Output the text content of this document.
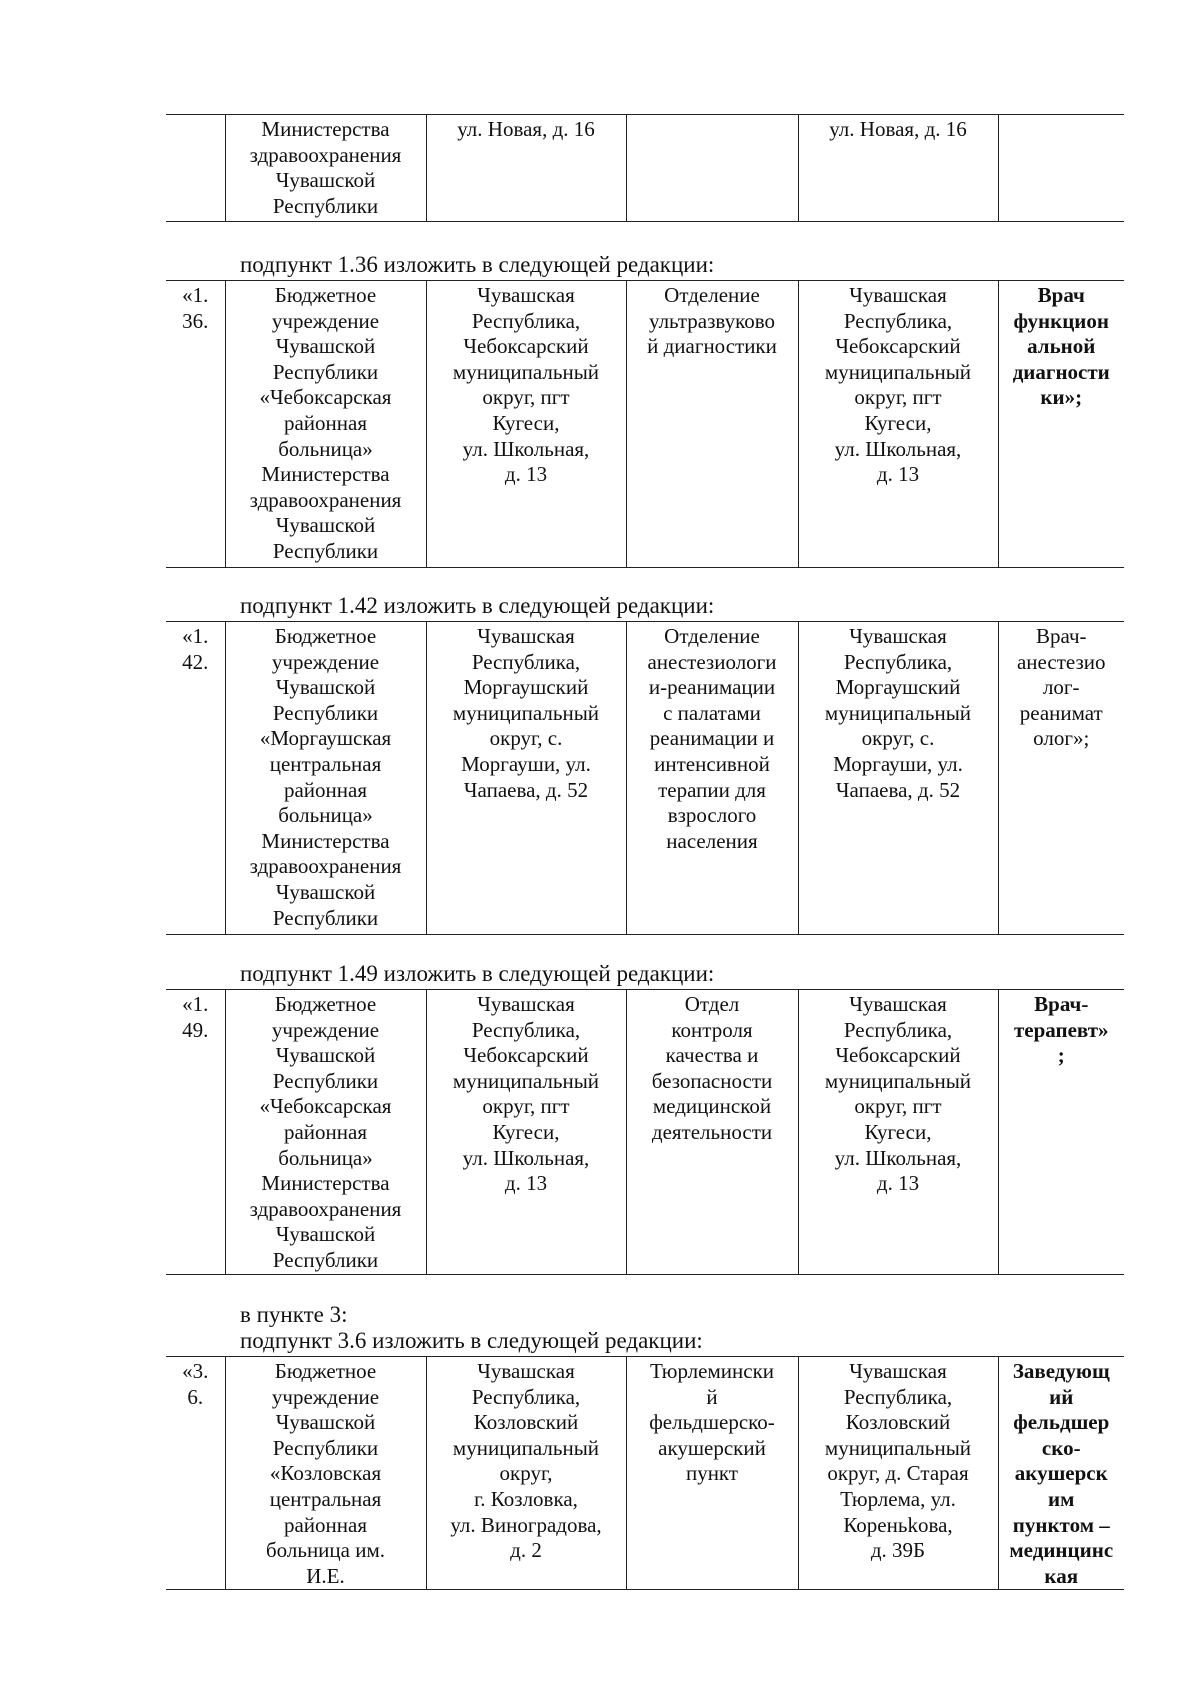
	Министерства
здравоохранения
Чувашской
Республики	ул. Новая, д. 16		ул. Новая, д. 16	
подпункт 1.36 изложить в следующей редакции:
«1.
36.	Бюджетное
учреждение
Чувашской
Республики
«Чебоксарская
районная
больница»
Министерства
здравоохранения
Чувашской
Республики	Чувашская
Республика,
Чебоксарский
муниципальный
округ, пгт
Кугеси,
ул. Школьная,
д. 13	Отделение
ультразвуково
й диагностики	Чувашская
Республика,
Чебоксарский
муниципальный
округ, пгт
Кугеси,
ул. Школьная,
д. 13	Врач
функцион
альной
диагности
ки»;
подпункт 1.42 изложить в следующей редакции:
«1.
42.	Бюджетное
учреждение
Чувашской
Республики
«Моргаушская
центральная
районная
больница»
Министерства
здравоохранения
Чувашской
Республики	Чувашская
Республика,
Моргаушский
муниципальный
округ, с.
Моргауши, ул.
Чапаева, д. 52	Отделение
анестезиологи
и-реанимации
с палатами
реанимации и
интенсивной
терапии для
взрослого
населения	Чувашская
Республика,
Моргаушский
муниципальный
округ, с.
Моргауши, ул.
Чапаева, д. 52	Врач-
анестезио
лог-
реанимат
олог»;
подпункт 1.49 изложить в следующей редакции:
«1.
49.	Бюджетное
учреждение
Чувашской
Республики
«Чебоксарская
районная
больница»
Министерства
здравоохранения
Чувашской
Республики	Чувашская
Республика,
Чебоксарский
муниципальный
округ, пгт
Кугеси,
ул. Школьная,
д. 13	Отдел
контроля
качества и
безопасности
медицинской
деятельности	Чувашская
Республика,
Чебоксарский
муниципальный
округ, пгт
Кугеси,
ул. Школьная,
д. 13	Врач-
терапевт»
;
в пункте 3:
подпункт 3.6 изложить в следующей редакции:
«3.
6.	Бюджетное
учреждение
Чувашской
Республики
«Козловская
центральная
районная
больница им.
И.Е.	Чувашская
Республика,
Козловский
муниципальный
округ,
г. Козловка,
ул. Виноградова,
д. 2	Тюрлемински
й
фельдшерско-
акушерский
пункт	Чувашская
Республика,
Козловский
муниципальный
округ, д. Старая
Тюрлема, ул.
Кореньkова,
д. 39Б	Заведующ
ий
фельдшер
ско-
акушерск
им
пунктом –
мединцинс
кая
